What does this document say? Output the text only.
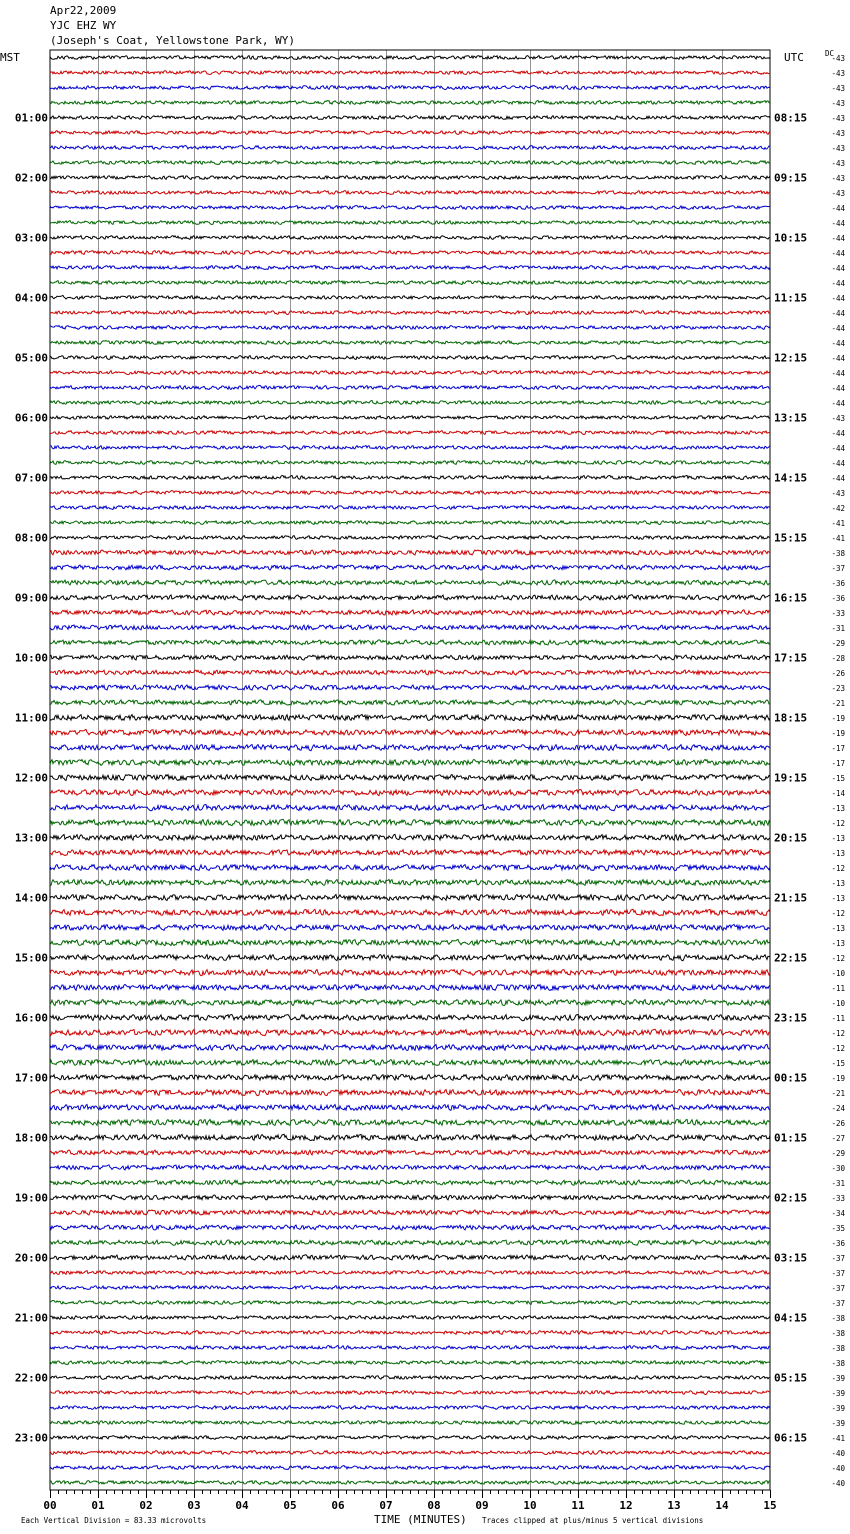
Apr22,2009
YJC EHZ WY
(Joseph's Coat, Yellowstone Park, WY)
-43
-43
-43
-43
-43
-43
-43
-43
-43
-43
-44
-44
-44
-44
-44
-44
-44
-44
-44
-44
-44
-44
-44
-44
-43
-44
-44
-44
-44
-43
-42
-41
-41
-38
-37
-36
-36
-33
-31
-29
-28
-26
-23
-21
-19
-19
-17
-17
-15
-14
-13
-12
-13
-13
-12
-13
-13
-12
-13
-13
-12
-10
-11
-10
-11
-12
-12
-15
-19
-21
-24
-26
-27
-29
-30
-31
-33
-34
-35
-36
-37
-37
-37
-37
-38
-38
-38
-38
-39
-39
-39
-39
-41
-40
-40
-40
MST	UTC	DC
01:00
02:00
03:00
04:00
05:00
06:00
07:00
08:00
09:00
10:00
11:00
12:00
13:00
14:00
15:00
16:00
17:00
18:00
19:00
20:00
21:00
22:00
23:00
08:15
09:15
10:15
11:15
12:15
13:15
14:15
15:15
16:15
17:15
18:15
19:15
20:15
21:15
22:15
23:15
00:15
01:15
02:15
03:15
04:15
05:15
06:15
00	01	02	03	04	05	06	07	08	09	10	11	12	13	14	15
Each Vertical Division = 83.33 microvolts	TIME (MINUTES) Traces clipped at plus/minus 5 vertical divisions
